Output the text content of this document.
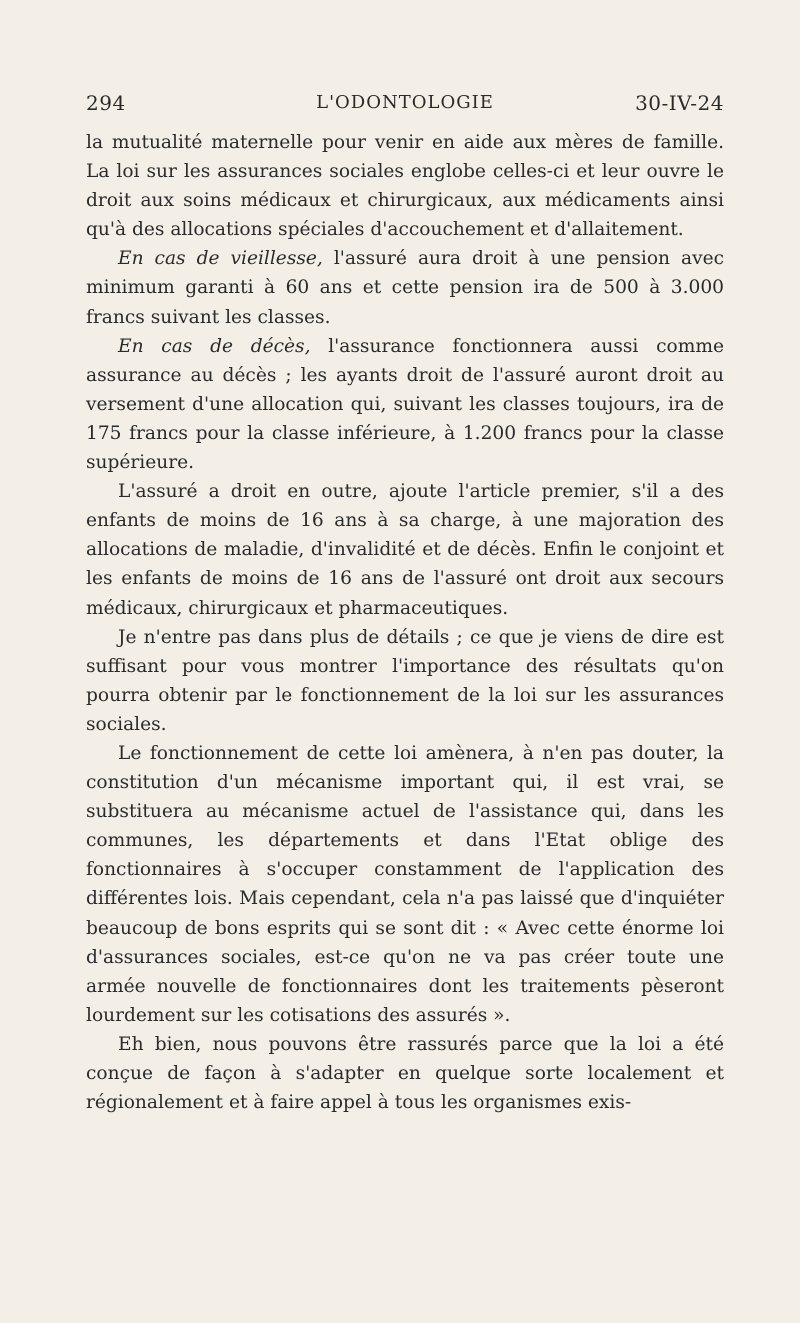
294	L'ODONTOLOGIE	30-IV-24

la mutualité maternelle pour venir en aide aux mères de famille. La loi sur les assurances sociales englobe celles-ci et leur ouvre le droit aux soins médicaux et chirurgicaux, aux médicaments ainsi qu'à des allocations spéciales d'accouchement et d'allaitement.

En cas de vieillesse, l'assuré aura droit à une pension avec minimum garanti à 60 ans et cette pension ira de 500 à 3.000 francs suivant les classes.

En cas de décès, l'assurance fonctionnera aussi comme assurance au décès ; les ayants droit de l'assuré auront droit au versement d'une allocation qui, suivant les classes toujours, ira de 175 francs pour la classe inférieure, à 1.200 francs pour la classe supérieure.

L'assuré a droit en outre, ajoute l'article premier, s'il a des enfants de moins de 16 ans à sa charge, à une majoration des allocations de maladie, d'invalidité et de décès. Enfin le conjoint et les enfants de moins de 16 ans de l'assuré ont droit aux secours médicaux, chirurgicaux et pharmaceutiques.

Je n'entre pas dans plus de détails ; ce que je viens de dire est suffisant pour vous montrer l'importance des résultats qu'on pourra obtenir par le fonctionnement de la loi sur les assurances sociales.

Le fonctionnement de cette loi amènera, à n'en pas douter, la constitution d'un mécanisme important qui, il est vrai, se substituera au mécanisme actuel de l'assistance qui, dans les communes, les départements et dans l'Etat oblige des fonctionnaires à s'occuper constamment de l'application des différentes lois. Mais cependant, cela n'a pas laissé que d'inquiéter beaucoup de bons esprits qui se sont dit : « Avec cette énorme loi d'assurances sociales, est-ce qu'on ne va pas créer toute une armée nouvelle de fonctionnaires dont les traitements pèseront lourdement sur les cotisations des assurés ».

Eh bien, nous pouvons être rassurés parce que la loi a été conçue de façon à s'adapter en quelque sorte localement et régionalement et à faire appel à tous les organismes exis-
